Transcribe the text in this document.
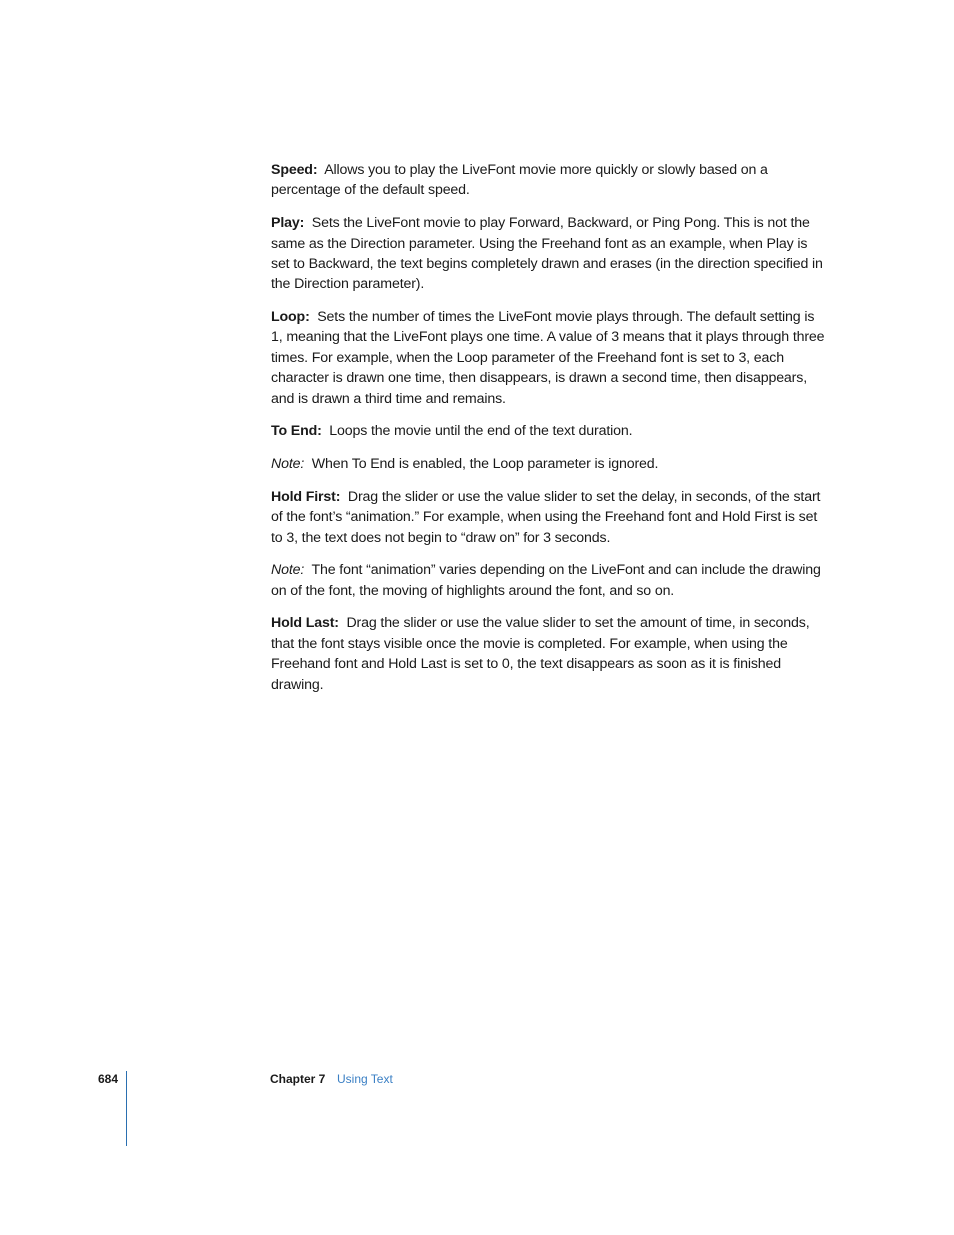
Speed: Allows you to play the LiveFont movie more quickly or slowly based on a percentage of the default speed.

Play: Sets the LiveFont movie to play Forward, Backward, or Ping Pong. This is not the same as the Direction parameter. Using the Freehand font as an example, when Play is set to Backward, the text begins completely drawn and erases (in the direction specified in the Direction parameter).

Loop: Sets the number of times the LiveFont movie plays through. The default setting is 1, meaning that the LiveFont plays one time. A value of 3 means that it plays through three times. For example, when the Loop parameter of the Freehand font is set to 3, each character is drawn one time, then disappears, is drawn a second time, then disappears, and is drawn a third time and remains.

To End: Loops the movie until the end of the text duration.

Note: When To End is enabled, the Loop parameter is ignored.

Hold First: Drag the slider or use the value slider to set the delay, in seconds, of the start of the font’s “animation.” For example, when using the Freehand font and Hold First is set to 3, the text does not begin to “draw on” for 3 seconds.

Note: The font “animation” varies depending on the LiveFont and can include the drawing on of the font, the moving of highlights around the font, and so on.

Hold Last: Drag the slider or use the value slider to set the amount of time, in seconds, that the font stays visible once the movie is completed. For example, when using the Freehand font and Hold Last is set to 0, the text disappears as soon as it is finished drawing.

684	Chapter 7 Using Text
